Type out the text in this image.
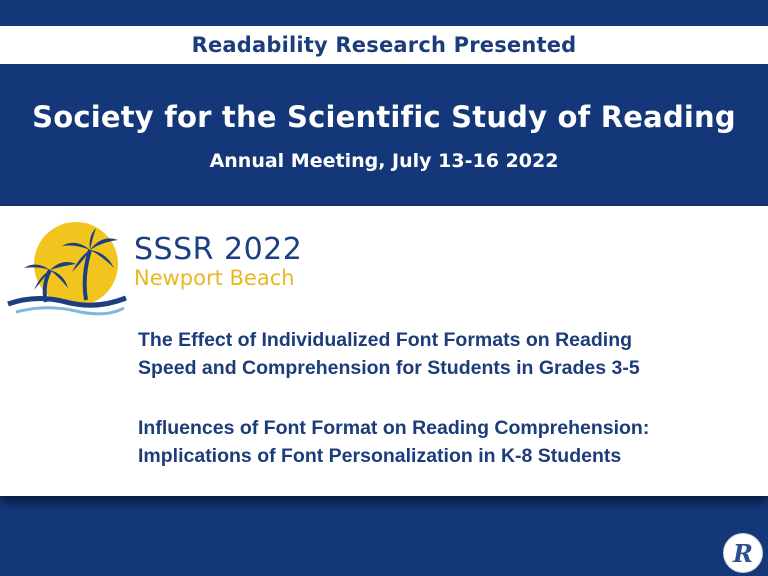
Readability Research Presented
Society for the Scientific Study of Reading
Annual Meeting, July 13-16 2022
SSSR 2022
Newport Beach
The Effect of Individualized Font Formats on Reading
Speed and Comprehension for Students in Grades 3-5
Influences of Font Format on Reading Comprehension:
Implications of Font Personalization in K-8 Students
R
